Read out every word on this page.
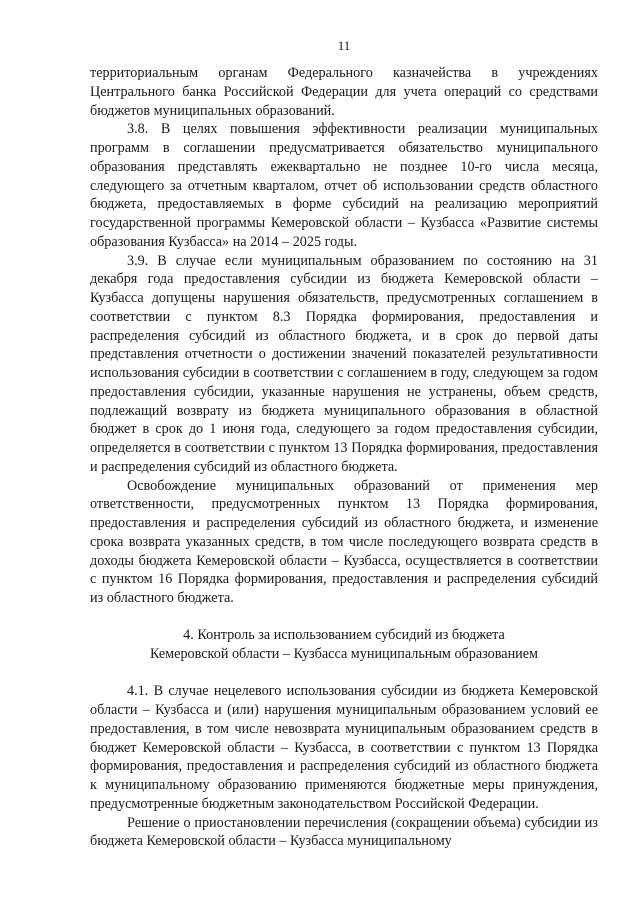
11

территориальным органам Федерального казначейства в учреждениях Центрального банка Российской Федерации для учета операций со средствами бюджетов муниципальных образований.

3.8. В целях повышения эффективности реализации муниципальных программ в соглашении предусматривается обязательство муниципального образования представлять ежеквартально не позднее 10-го числа месяца, следующего за отчетным кварталом, отчет об использовании средств областного бюджета, предоставляемых в форме субсидий на реализацию мероприятий государственной программы Кемеровской области – Кузбасса «Развитие системы образования Кузбасса» на 2014 – 2025 годы.

3.9. В случае если муниципальным образованием по состоянию на 31 декабря года предоставления субсидии из бюджета Кемеровской области – Кузбасса допущены нарушения обязательств, предусмотренных соглашением в соответствии с пунктом 8.3 Порядка формирования, предоставления и распределения субсидий из областного бюджета, и в срок до первой даты представления отчетности о достижении значений показателей результативности использования субсидии в соответствии с соглашением в году, следующем за годом предоставления субсидии, указанные нарушения не устранены, объем средств, подлежащий возврату из бюджета муниципального образования в областной бюджет в срок до 1 июня года, следующего за годом предоставления субсидии, определяется в соответствии с пунктом 13 Порядка формирования, предоставления и распределения субсидий из областного бюджета.

Освобождение муниципальных образований от применения мер ответственности, предусмотренных пунктом 13 Порядка формирования, предоставления и распределения субсидий из областного бюджета, и изменение срока возврата указанных средств, в том числе последующего возврата средств в доходы бюджета Кемеровской области – Кузбасса, осуществляется в соответствии с пунктом 16 Порядка формирования, предоставления и распределения субсидий из областного бюджета.

4. Контроль за использованием субсидий из бюджета
Кемеровской области – Кузбасса муниципальным образованием

4.1. В случае нецелевого использования субсидии из бюджета Кемеровской области – Кузбасса и (или) нарушения муниципальным образованием условий ее предоставления, в том числе невозврата муниципальным образованием средств в бюджет Кемеровской области – Кузбасса, в соответствии с пунктом 13 Порядка формирования, предоставления и распределения субсидий из областного бюджета к муниципальному образованию применяются бюджетные меры принуждения, предусмотренные бюджетным законодательством Российской Федерации.

Решение о приостановлении перечисления (сокращении объема) субсидии из бюджета Кемеровской области – Кузбасса муниципальному
